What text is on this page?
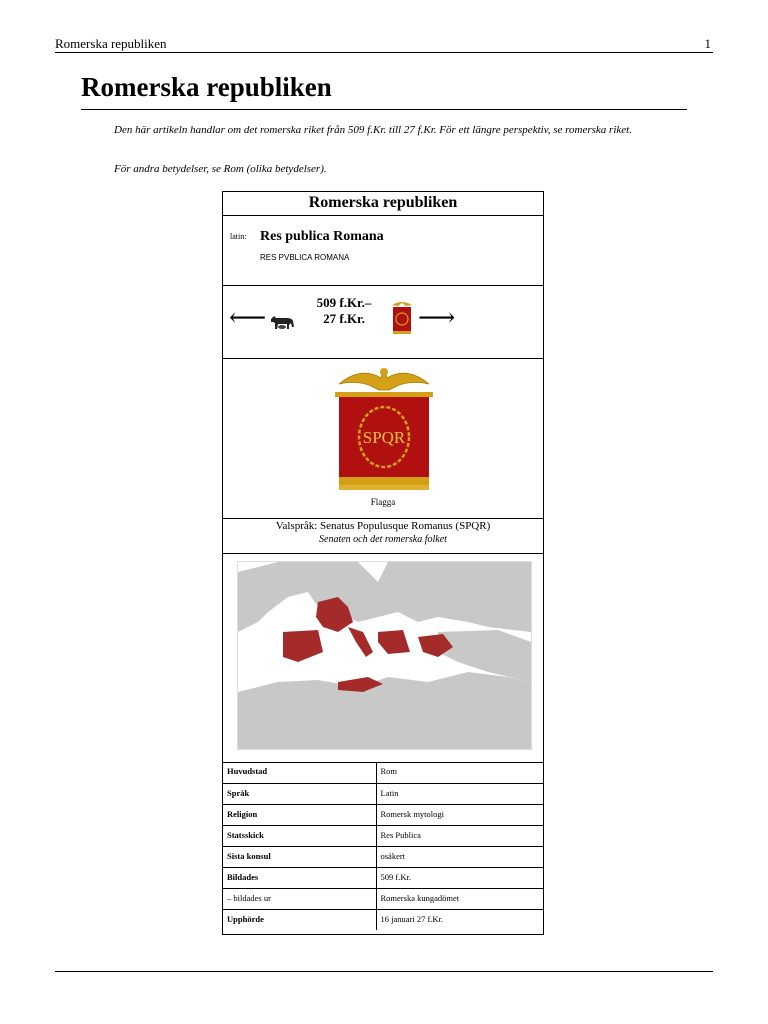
Romerska republiken	1
Romerska republiken

Den här artikeln handlar om det romerska riket från 509 f.Kr. till 27 f.Kr. För ett längre perspektiv, se romerska riket.

För andra betydelser, se Rom (olika betydelser).

Romerska republiken
latin: Res publica Romana
RES PVBLICA ROMANA
⟵
509 f.Kr.–27 f.Kr.	⟶
SPQR
Flagga
Valspråk: Senatus Populusque Romanus (SPQR)
Senaten och det romerska folket
Huvudstad	Rom
Språk	Latin
Religion	Romersk mytologi
Statsskick	Res Publica
Sista konsul	osäkert
Bildades	509 f.Kr.
– bildades ur	Romerska kungadömet
Upphörde	16 januari 27 f.Kr.
